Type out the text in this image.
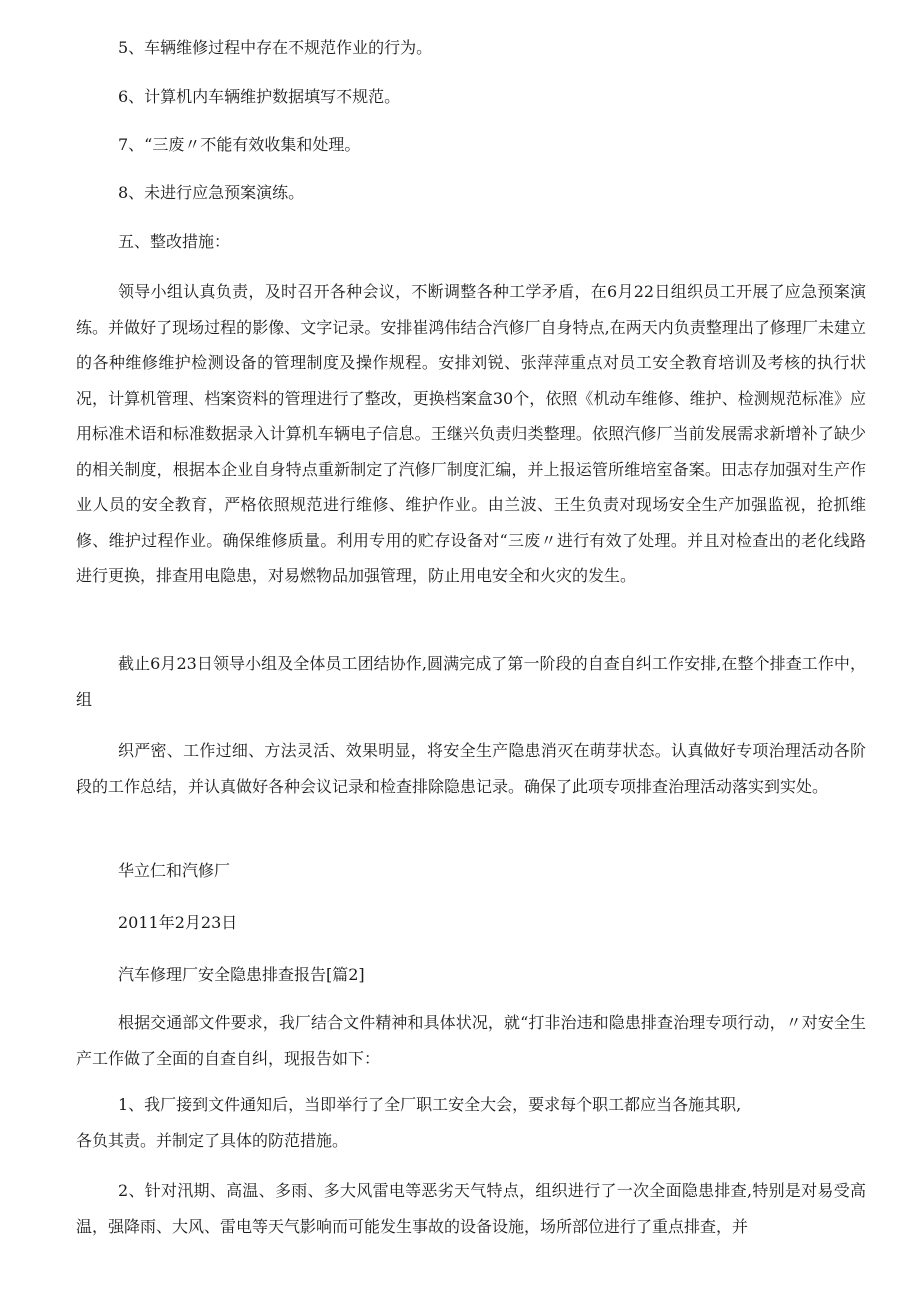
5、车辆维修过程中存在不规范作业的行为。

6、计算机内车辆维护数据填写不规范。

7、“三废〃不能有效收集和处理。

8、未进行应急预案演练。

五、整改措施：

领导小组认真负责，及时召开各种会议，不断调整各种工学矛盾，在6月22日组织员工开展了应急预案演练。并做好了现场过程的影像、文字记录。安排崔鸿伟结合汽修厂自身特点,在两天内负责整理出了修理厂未建立的各种维修维护检测设备的管理制度及操作规程。安排刘锐、张萍萍重点对员工安全教育培训及考核的执行状况，计算机管理、档案资料的管理进行了整改，更换档案盒30个，依照《机动车维修、维护、检测规范标准》应用标准术语和标准数据录入计算机车辆电子信息。王继兴负责归类整理。依照汽修厂当前发展需求新增补了缺少的相关制度，根据本企业自身特点重新制定了汽修厂制度汇编，并上报运管所维培室备案。田志存加强对生产作业人员的安全教育，严格依照规范进行维修、维护作业。由兰波、王生负责对现场安全生产加强监视，抢抓维修、维护过程作业。确保维修质量。利用专用的贮存设备对“三废〃进行有效了处理。并且对检查出的老化线路进行更换，排查用电隐患，对易燃物品加强管理，防止用电安全和火灾的发生。

截止6月23日领导小组及全体员工团结协作,圆满完成了第一阶段的自查自纠工作安排,在整个排查工作中，组

织严密、工作过细、方法灵活、效果明显，将安全生产隐患消灭在萌芽状态。认真做好专项治理活动各阶段的工作总结，并认真做好各种会议记录和检查排除隐患记录。确保了此项专项排查治理活动落实到实处。

华立仁和汽修厂

2011年2月23日

汽车修理厂安全隐患排查报告[篇2]

根据交通部文件要求，我厂结合文件精神和具体状况，就“打非治违和隐患排查治理专项行动，〃对安全生产工作做了全面的自查自纠，现报告如下：

1、我厂接到文件通知后，当即举行了全厂职工安全大会，要求每个职工都应当各施其职,

各负其责。并制定了具体的防范措施。

2、针对汛期、高温、多雨、多大风雷电等恶劣天气特点，组织进行了一次全面隐患排查,特别是对易受高温，强降雨、大风、雷电等天气影响而可能发生事故的设备设施，场所部位进行了重点排查，并
